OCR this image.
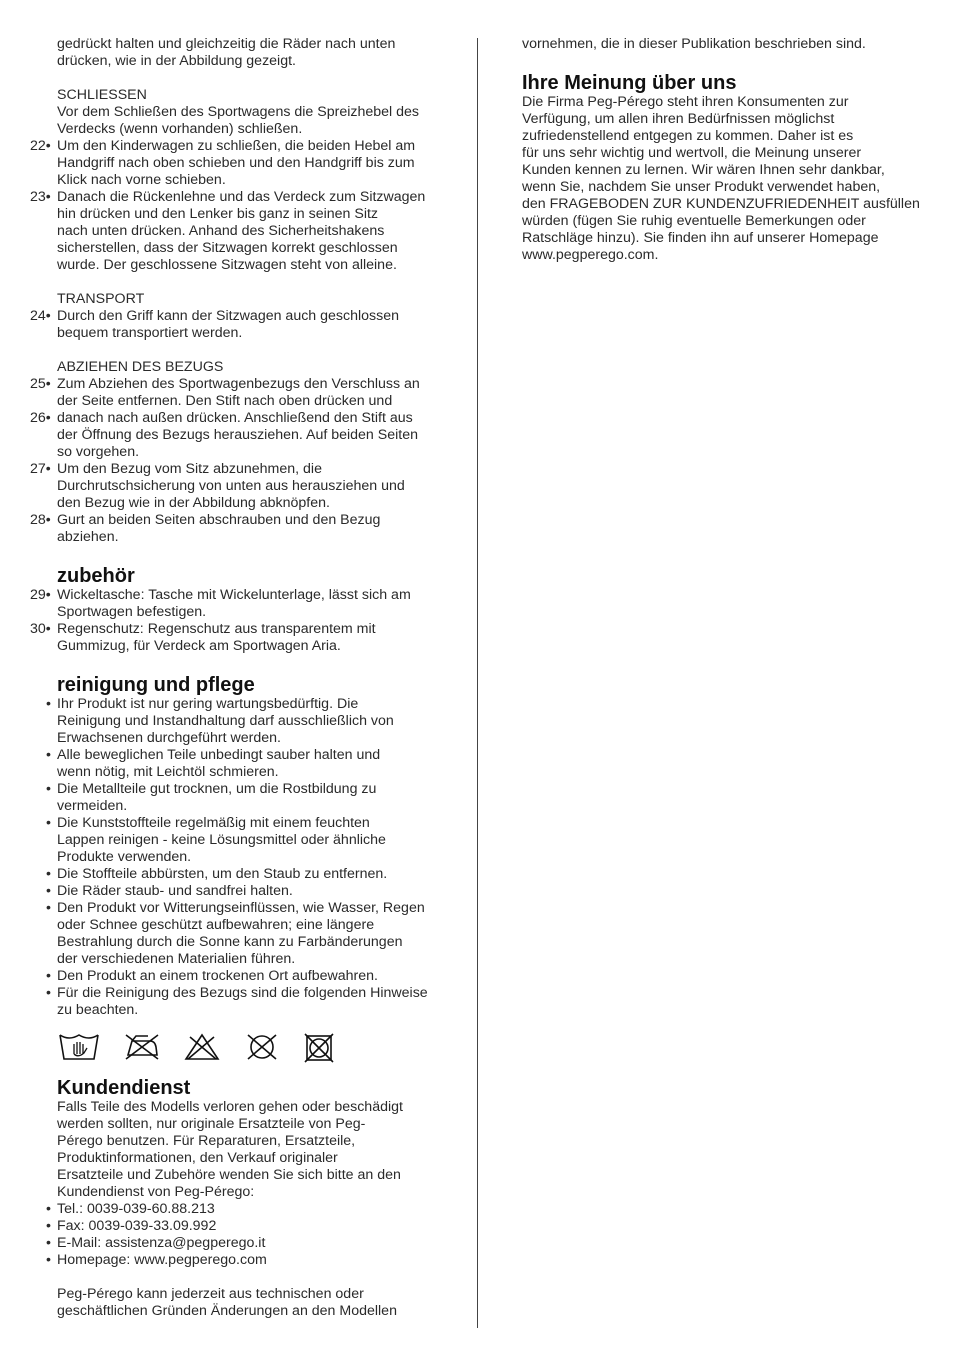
gedrückt halten und gleichzeitig die Räder nach unten
drücken, wie in der Abbildung gezeigt.
SCHLIESSEN
Vor dem Schließen des Sportwagens die Spreizhebel des
Verdecks (wenn vorhanden) schließen.
22• Um den Kinderwagen zu schließen, die beiden Hebel am
Handgriff nach oben schieben und den Handgriff bis zum
Klick nach vorne schieben.
23• Danach die Rückenlehne und das Verdeck zum Sitzwagen
hin drücken und den Lenker bis ganz in seinen Sitz
nach unten drücken. Anhand des Sicherheitshakens
sicherstellen, dass der Sitzwagen korrekt geschlossen
wurde. Der geschlossene Sitzwagen steht von alleine.
TRANSPORT
24• Durch den Griff kann der Sitzwagen auch geschlossen
bequem transportiert werden.
ABZIEHEN DES BEZUGS
25• Zum Abziehen des Sportwagenbezugs den Verschluss an
der Seite entfernen. Den Stift nach oben drücken und
26• danach nach außen drücken. Anschließend den Stift aus
der Öffnung des Bezugs herausziehen. Auf beiden Seiten
so vorgehen.
27• Um den Bezug vom Sitz abzunehmen, die
Durchrutschsicherung von unten aus herausziehen und
den Bezug wie in der Abbildung abknöpfen.
28• Gurt an beiden Seiten abschrauben und den Bezug
abziehen.
zubehör
29• Wickeltasche: Tasche mit Wickelunterlage, lässt sich am
Sportwagen befestigen.
30• Regenschutz: Regenschutz aus transparentem mit
Gummizug, für Verdeck am Sportwagen Aria.
reinigung und pflege
• Ihr Produkt ist nur gering wartungsbedürftig. Die
Reinigung und Instandhaltung darf ausschließlich von
Erwachsenen durchgeführt werden.
• Alle beweglichen Teile unbedingt sauber halten und
wenn nötig, mit Leichtöl schmieren.
• Die Metallteile gut trocknen, um die Rostbildung zu
vermeiden.
• Die Kunststoffteile regelmäßig mit einem feuchten
Lappen reinigen - keine Lösungsmittel oder ähnliche
Produkte verwenden.
• Die Stoffteile abbürsten, um den Staub zu entfernen.
• Die Räder staub- und sandfrei halten.
• Den Produkt vor Witterungseinflüssen, wie Wasser, Regen
oder Schnee geschützt aufbewahren; eine längere
Bestrahlung durch die Sonne kann zu Farbänderungen
der verschiedenen Materialien führen.
• Den Produkt an einem trockenen Ort aufbewahren.
• Für die Reinigung des Bezugs sind die folgenden Hinweise
zu beachten.
Kundendienst
Falls Teile des Modells verloren gehen oder beschädigt
werden sollten, nur originale Ersatzteile von Peg-
Pérego benutzen. Für Reparaturen, Ersatzteile,
Produktinformationen, den Verkauf originaler
Ersatzteile und Zubehöre wenden Sie sich bitte an den
Kundendienst von Peg-Pérego:
• Tel.: 0039-039-60.88.213
• Fax: 0039-039-33.09.992
• E-Mail: assistenza@pegperego.it
• Homepage: www.pegperego.com
Peg-Pérego kann jederzeit aus technischen oder
geschäftlichen Gründen Änderungen an den Modellen
vornehmen, die in dieser Publikation beschrieben sind.
Ihre Meinung über uns
Die Firma Peg-Pérego steht ihren Konsumenten zur
Verfügung, um allen ihren Bedürfnissen möglichst
zufriedenstellend entgegen zu kommen. Daher ist es
für uns sehr wichtig und wertvoll, die Meinung unserer
Kunden kennen zu lernen. Wir wären Ihnen sehr dankbar,
wenn Sie, nachdem Sie unser Produkt verwendet haben,
den FRAGEBODEN ZUR KUNDENZUFRIEDENHEIT ausfüllen
würden (fügen Sie ruhig eventuelle Bemerkungen oder
Ratschläge hinzu). Sie finden ihn auf unserer Homepage
www.pegperego.com.
